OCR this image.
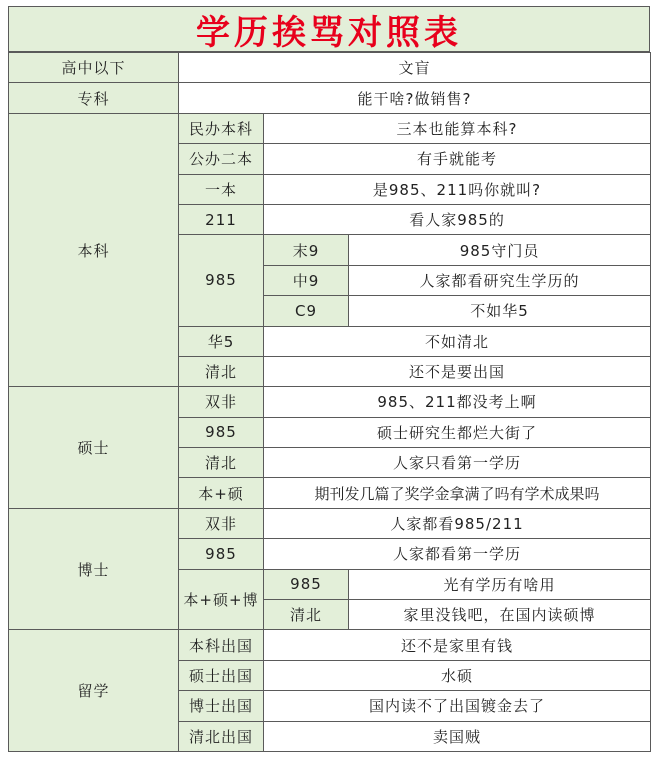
学历挨骂对照表
高中以下	文盲		
专科	能干啥?做销售?		
本科	民办本科	三本也能算本科?	
	公办二本	有手就能考	
	一本	是985、211吗你就叫?	
	211	看人家985的	
	985	末9	985守门员
		中9	人家都看研究生学历的
		C9	不如华5
	华5	不如清北	
	清北	还不是要出国	
硕士	双非	985、211都没考上啊	
	985	硕士研究生都烂大街了	
	清北	人家只看第一学历	
	本+硕	期刊发几篇了奖学金拿满了吗有学术成果吗	
博士	双非	人家都看985/211	
	985	人家都看第一学历	
	本+硕+博	985	光有学历有啥用
		清北	家里没钱吧，在国内读硕博
留学	本科出国	还不是家里有钱	
	硕士出国	水硕	
	博士出国	国内读不了出国镀金去了	
	清北出国	卖国贼	
